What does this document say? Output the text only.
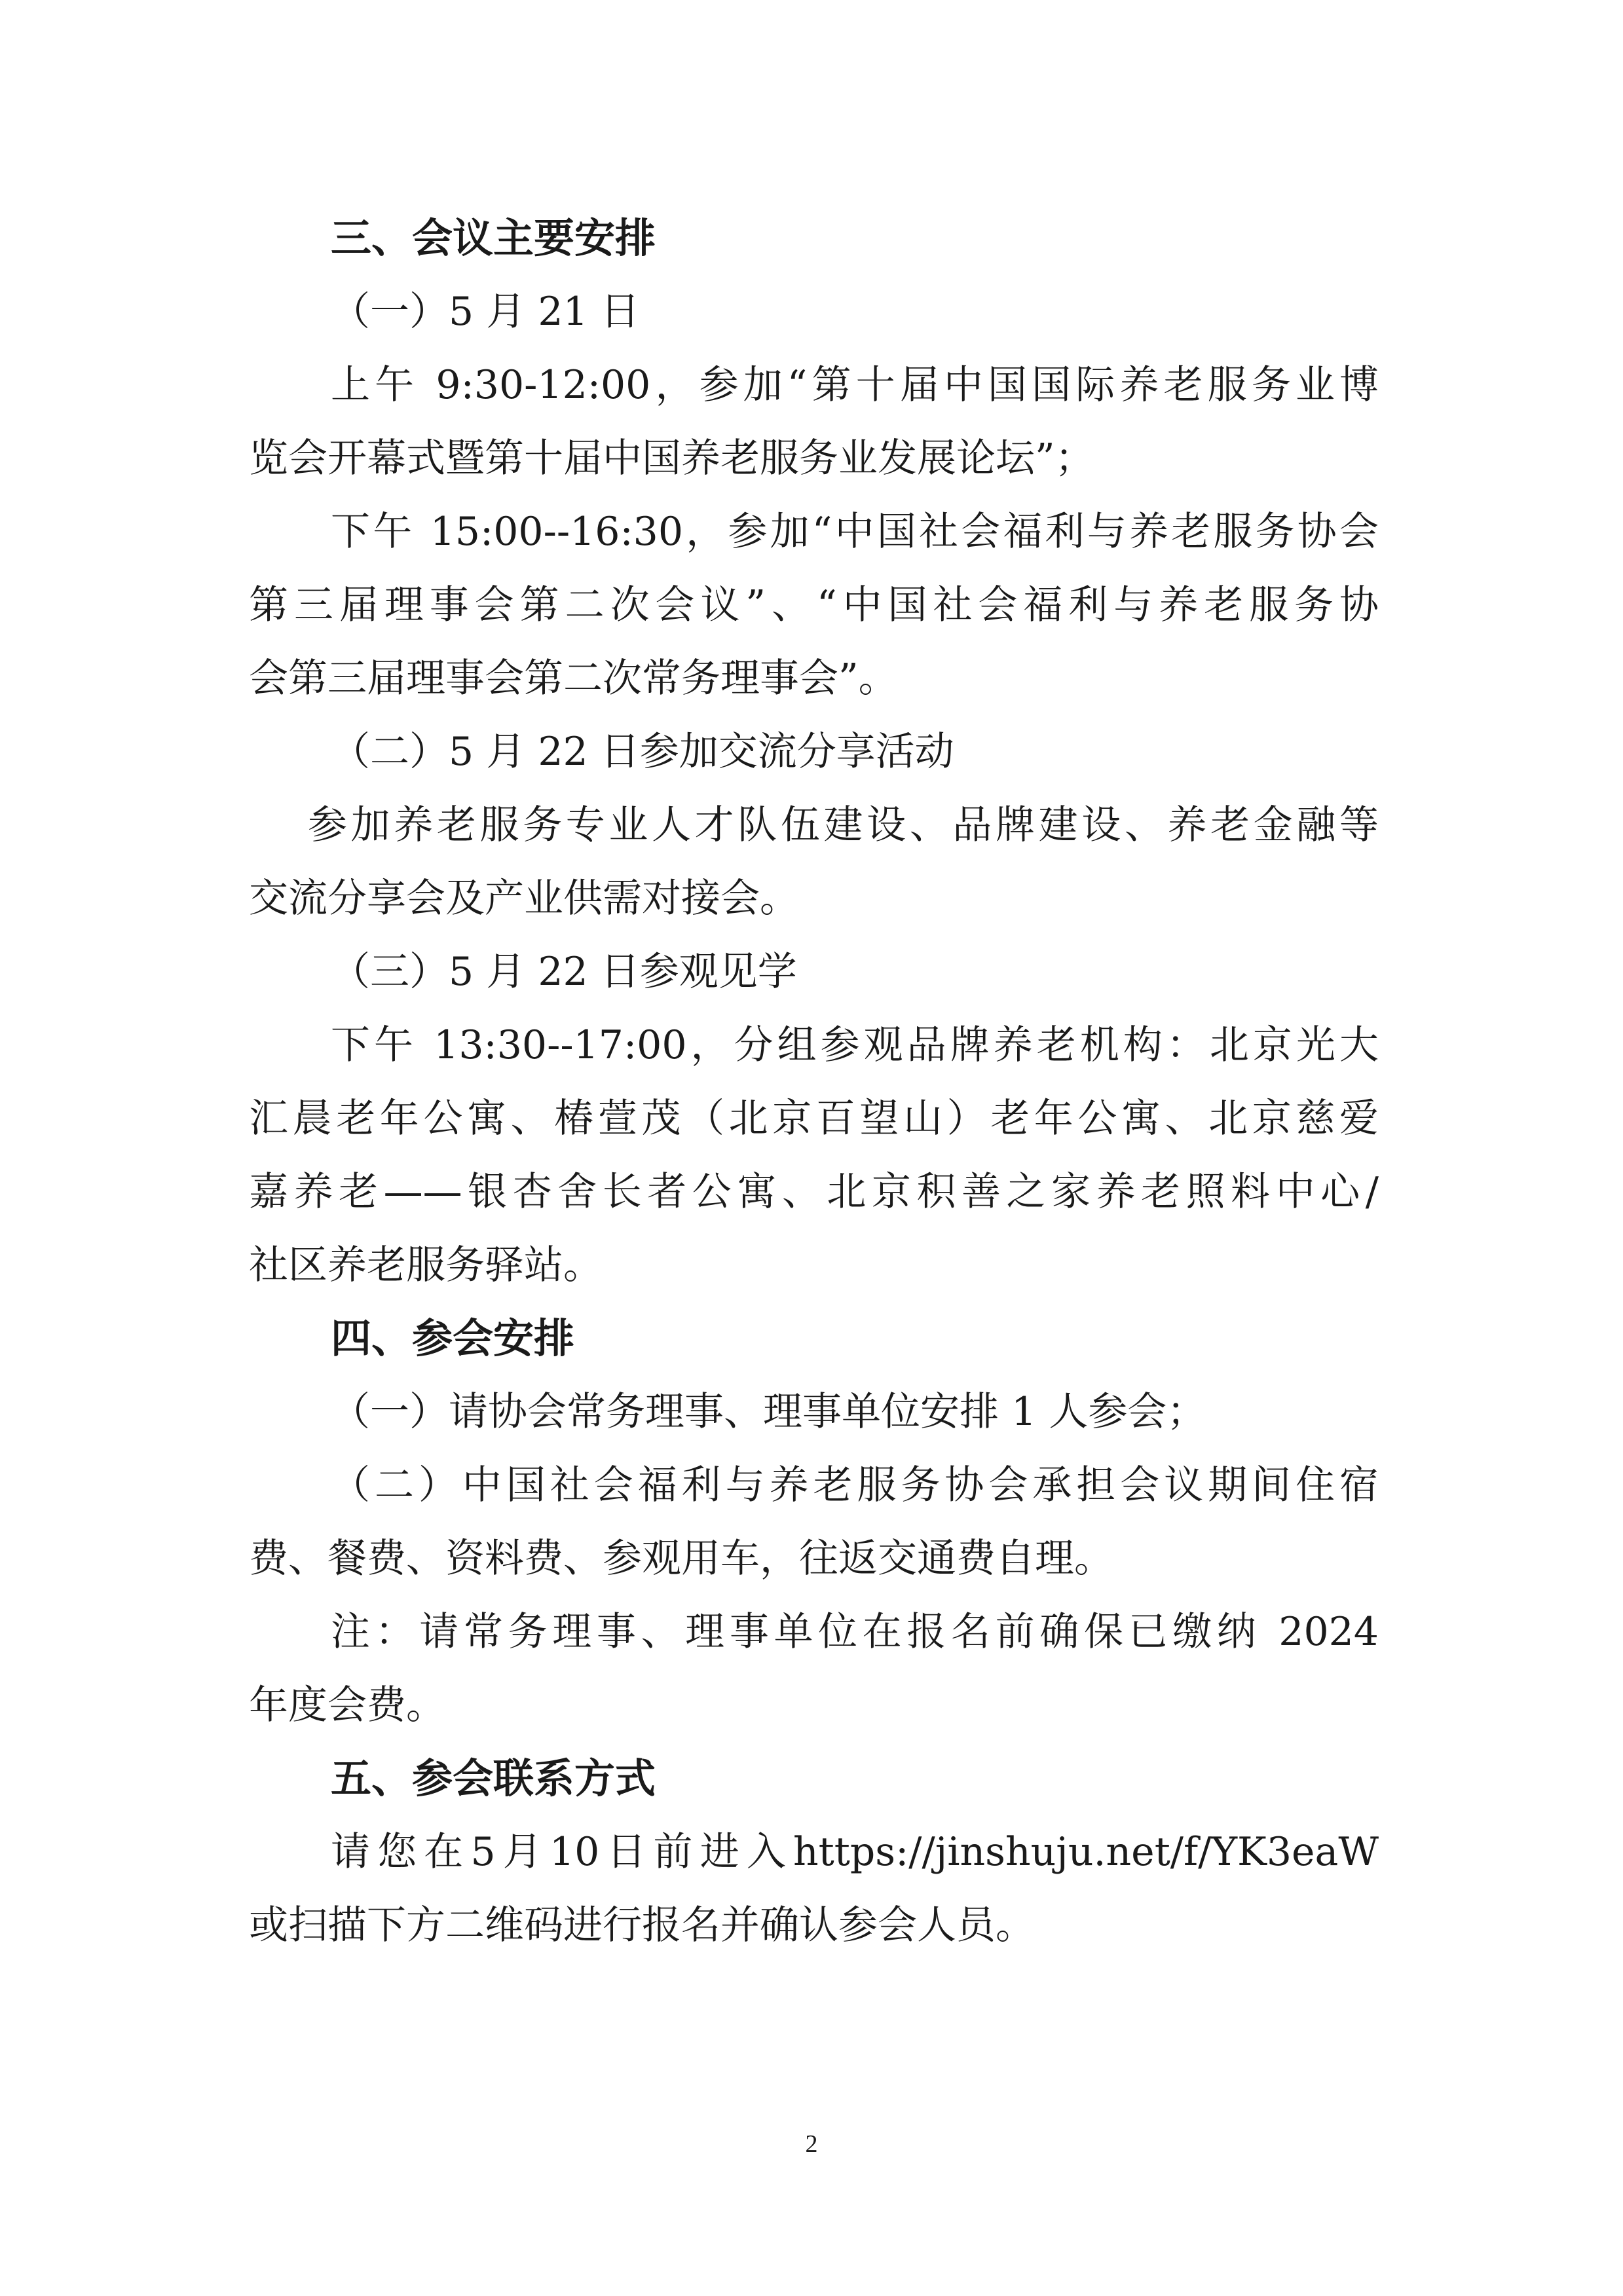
三、会议主要安排

（一）5 月 21 日

上午 9:30-12:00，参加“第十届中国国际养老服务业博

览会开幕式暨第十届中国养老服务业发展论坛”；

下午 15:00--16:30，参加“中国社会福利与养老服务协会

第三届理事会第二次会议”、“中国社会福利与养老服务协

会第三届理事会第二次常务理事会”。

（二）5 月 22 日参加交流分享活动

参加养老服务专业人才队伍建设、品牌建设、养老金融等

交流分享会及产业供需对接会。

（三）5 月 22 日参观见学

下午 13:30--17:00，分组参观品牌养老机构：北京光大

汇晨老年公寓、椿萱茂（北京百望山）老年公寓、北京慈爱

嘉养老——银杏舍长者公寓、北京积善之家养老照料中心/

社区养老服务驿站。

四、参会安排

（一）请协会常务理事、理事单位安排 1 人参会；

（二）中国社会福利与养老服务协会承担会议期间住宿

费、餐费、资料费、参观用车，往返交通费自理。

注：请常务理事、理事单位在报名前确保已缴纳 2024

年度会费。

五、参会联系方式

请您在5月10日前进入https://jinshuju.net/f/YK3eaW

或扫描下方二维码进行报名并确认参会人员。

2
